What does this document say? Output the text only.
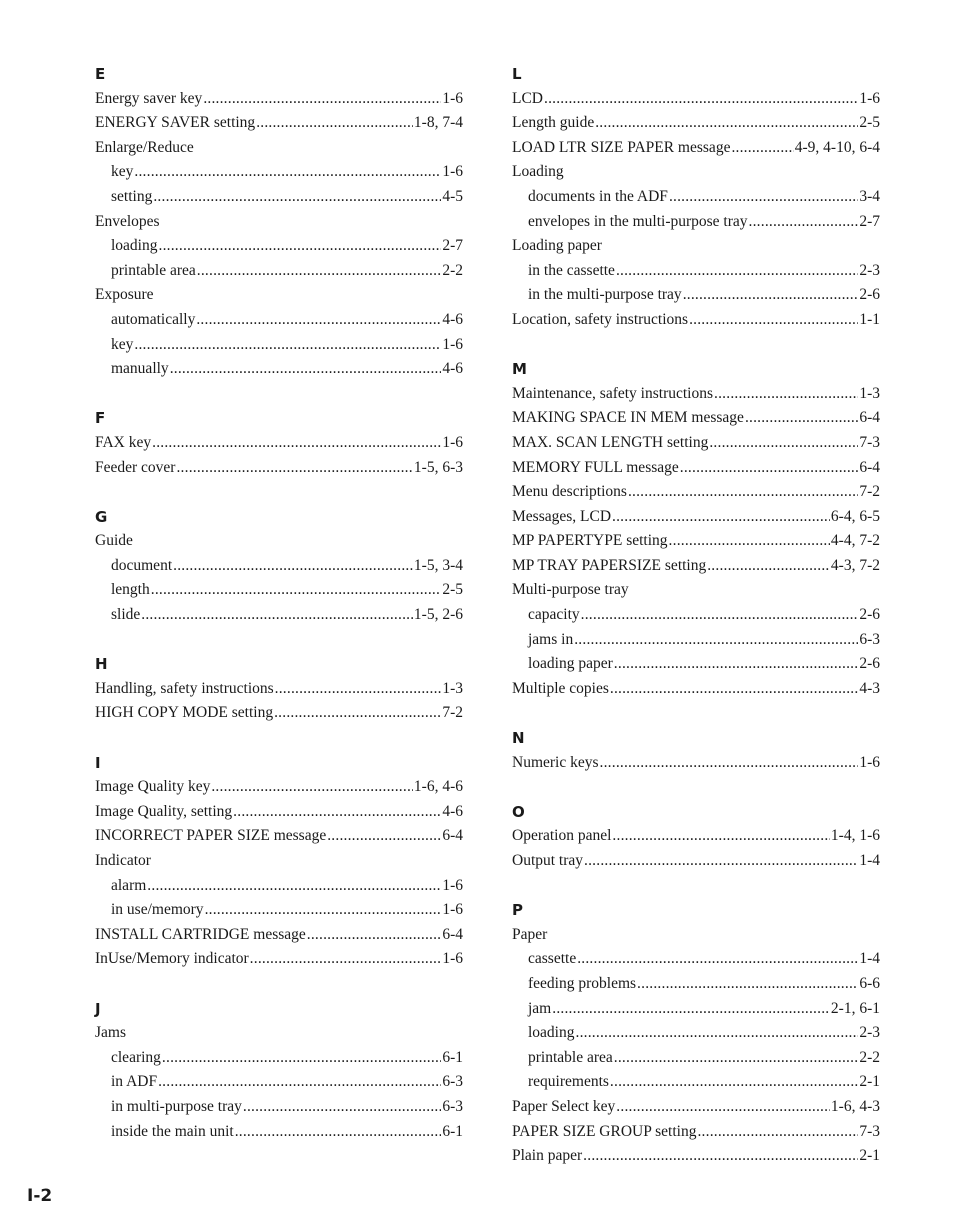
E
Energy saver key .....	1-6
ENERGY SAVER setting .....	1-8, 7-4
Enlarge/Reduce
key .....	1-6
setting .....	4-5
Envelopes
loading .....	2-7
printable area .....	2-2
Exposure
automatically .....	4-6
key .....	1-6
manually .....	4-6
F
FAX key .....	1-6
Feeder cover .....	1-5, 6-3
G
Guide
document .....	1-5, 3-4
length .....	2-5
slide .....	1-5, 2-6
H
Handling, safety instructions .....	1-3
HIGH COPY MODE setting .....	7-2
I
Image Quality key .....	1-6, 4-6
Image Quality, setting .....	4-6
INCORRECT PAPER SIZE message .....	6-4
Indicator
alarm .....	1-6
in use/memory .....	1-6
INSTALL CARTRIDGE message .....	6-4
InUse/Memory indicator .....	1-6
J
Jams
clearing .....	6-1
in ADF .....	6-3
in multi-purpose tray .....	6-3
inside the main unit .....	6-1
L
LCD .....	1-6
Length guide .....	2-5
LOAD LTR SIZE PAPER message .....	4-9, 4-10, 6-4
Loading
documents in the ADF .....	3-4
envelopes in the multi-purpose tray .....	2-7
Loading paper
in the cassette .....	2-3
in the multi-purpose tray .....	2-6
Location, safety instructions .....	1-1
M
Maintenance, safety instructions .....	1-3
MAKING SPACE IN MEM message .....	6-4
MAX. SCAN LENGTH setting .....	7-3
MEMORY FULL message .....	6-4
Menu descriptions .....	7-2
Messages, LCD .....	6-4, 6-5
MP PAPERTYPE setting .....	4-4, 7-2
MP TRAY PAPERSIZE setting .....	4-3, 7-2
Multi-purpose tray
capacity .....	2-6
jams in .....	6-3
loading paper .....	2-6
Multiple copies .....	4-3
N
Numeric keys .....	1-6
O
Operation panel .....	1-4, 1-6
Output tray .....	1-4
P
Paper
cassette .....	1-4
feeding problems .....	6-6
jam .....	2-1, 6-1
loading .....	2-3
printable area .....	2-2
requirements .....	2-1
Paper Select key .....	1-6, 4-3
PAPER SIZE GROUP setting .....	7-3
Plain paper .....	2-1
I-2
